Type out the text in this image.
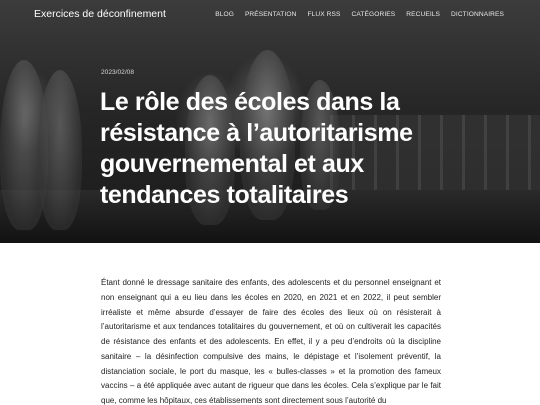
Exercices de déconfinement	BLOG PRÉSENTATION FLUX RSS CATÉGORIES RECUEILS DICTIONNAIRES
2023/02/08
Le rôle des écoles dans la résistance à l’autoritarisme gouvernemental et aux tendances totalitaires

Étant donné le dressage sanitaire des enfants, des adolescents et du personnel enseignant et non enseignant qui a eu lieu dans les écoles en 2020, en 2021 et en 2022, il peut sembler irréaliste et même absurde d’essayer de faire des écoles des lieux où on résisterait à l’autoritarisme et aux tendances totalitaires du gouvernement, et où on cultiverait les capacités de résistance des enfants et des adolescents. En effet, il y a peu d’endroits où la discipline sanitaire – la désinfection compulsive des mains, le dépistage et l’isolement préventif, la distanciation sociale, le port du masque, les « bulles-classes » et la promotion des fameux vaccins – a été appliquée avec autant de rigueur que dans les écoles. Cela s’explique par le fait que, comme les hôpitaux, ces établissements sont directement sous l’autorité du
